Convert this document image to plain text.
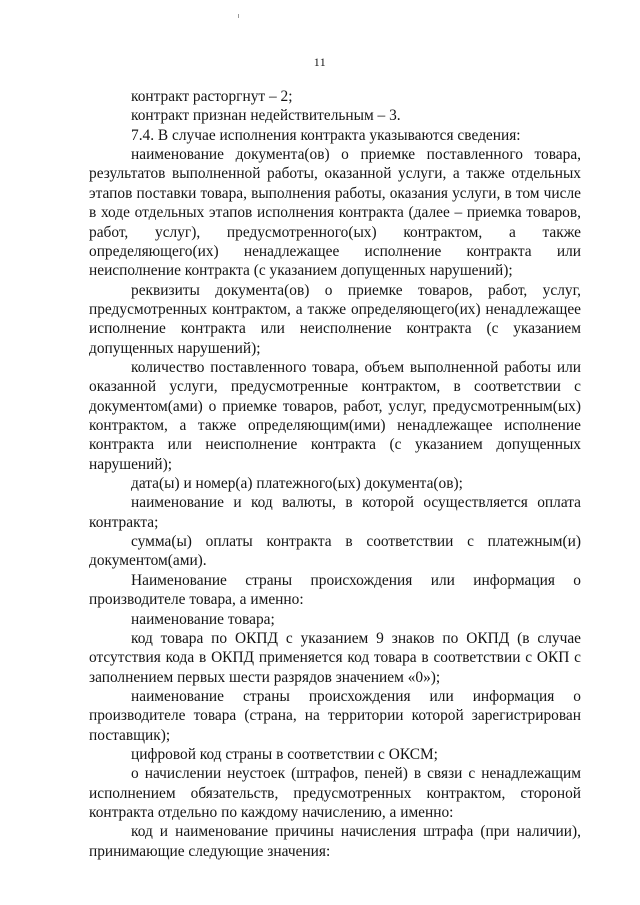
11
контракт расторгнут – 2;
контракт признан недействительным – 3.
7.4. В случае исполнения контракта указываются сведения:
наименование документа(ов) о приемке поставленного товара,
результатов выполненной работы, оказанной услуги, а также отдельных
этапов поставки товара, выполнения работы, оказания услуги, в том числе
в ходе отдельных этапов исполнения контракта (далее – приемка товаров,
работ, услуг), предусмотренного(ых) контрактом, а также
определяющего(их) ненадлежащее исполнение контракта или
неисполнение контракта (с указанием допущенных нарушений);
реквизиты документа(ов) о приемке товаров, работ, услуг,
предусмотренных контрактом, а также определяющего(их) ненадлежащее
исполнение контракта или неисполнение контракта (с указанием
допущенных нарушений);
количество поставленного товара, объем выполненной работы или
оказанной услуги, предусмотренные контрактом, в соответствии с
документом(ами) о приемке товаров, работ, услуг, предусмотренным(ых)
контрактом, а также определяющим(ими) ненадлежащее исполнение
контракта или неисполнение контракта (с указанием допущенных
нарушений);
дата(ы) и номер(а) платежного(ых) документа(ов);
наименование и код валюты, в которой осуществляется оплата
контракта;
сумма(ы) оплаты контракта в соответствии с платежным(и)
документом(ами).
Наименование страны происхождения или информация о
производителе товара, а именно:
наименование товара;
код товара по ОКПД с указанием 9 знаков по ОКПД (в случае
отсутствия кода в ОКПД применяется код товара в соответствии с ОКП с
заполнением первых шести разрядов значением «0»);
наименование страны происхождения или информация о
производителе товара (страна, на территории которой зарегистрирован
поставщик);
цифровой код страны в соответствии с ОКСМ;
о начислении неустоек (штрафов, пеней) в связи с ненадлежащим
исполнением обязательств, предусмотренных контрактом, стороной
контракта отдельно по каждому начислению, а именно:
код и наименование причины начисления штрафа (при наличии),
принимающие следующие значения:
